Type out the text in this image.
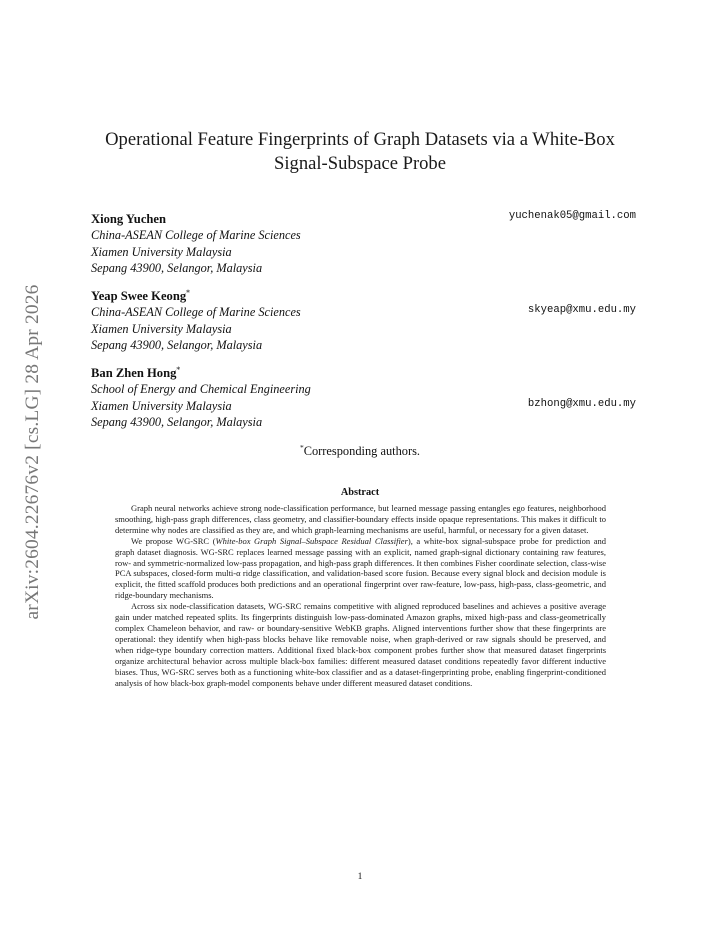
arXiv:2604.22676v2 [cs.LG] 28 Apr 2026
Operational Feature Fingerprints of Graph Datasets via a White-Box Signal-Subspace Probe
Xiong Yuchen	yuchenak05@gmail.com
China-ASEAN College of Marine Sciences
Xiamen University Malaysia
Sepang 43900, Selangor, Malaysia
Yeap Swee Keong*
skyeap@xmu.edu.my
China-ASEAN College of Marine Sciences
Xiamen University Malaysia
Sepang 43900, Selangor, Malaysia
Ban Zhen Hong*
bzhong@xmu.edu.my
School of Energy and Chemical Engineering
Xiamen University Malaysia
Sepang 43900, Selangor, Malaysia
*Corresponding authors.
Abstract

Graph neural networks achieve strong node-classification performance, but learned message passing entangles ego features, neighborhood smoothing, high-pass graph differences, class geometry, and classifier-boundary effects inside opaque representations. This makes it difficult to determine why nodes are classified as they are, and which graph-learning mechanisms are useful, harmful, or necessary for a given dataset.

We propose WG-SRC (White-box Graph Signal–Subspace Residual Classifier), a white-box signal-subspace probe for prediction and graph dataset diagnosis. WG-SRC replaces learned message passing with an explicit, named graph-signal dictionary containing raw features, row- and symmetric-normalized low-pass propagation, and high-pass graph differences. It then combines Fisher coordinate selection, class-wise PCA subspaces, closed-form multi-α ridge classification, and validation-based score fusion. Because every signal block and decision module is explicit, the fitted scaffold produces both predictions and an operational fingerprint over raw-feature, low-pass, high-pass, class-geometric, and ridge-boundary mechanisms.

Across six node-classification datasets, WG-SRC remains competitive with aligned reproduced baselines and achieves a positive average gain under matched repeated splits. Its fingerprints distinguish low-pass-dominated Amazon graphs, mixed high-pass and class-geometrically complex Chameleon behavior, and raw- or boundary-sensitive WebKB graphs. Aligned interventions further show that these fingerprints are operational: they identify when high-pass blocks behave like removable noise, when graph-derived or raw signals should be preserved, and when ridge-type boundary correction matters. Additional fixed black-box component probes further show that measured dataset fingerprints organize architectural behavior across multiple black-box families: different measured dataset conditions repeatedly favor different inductive biases. Thus, WG-SRC serves both as a functioning white-box classifier and as a dataset-fingerprinting probe, enabling fingerprint-conditioned analysis of how black-box graph-model components behave under different measured dataset conditions.

1
